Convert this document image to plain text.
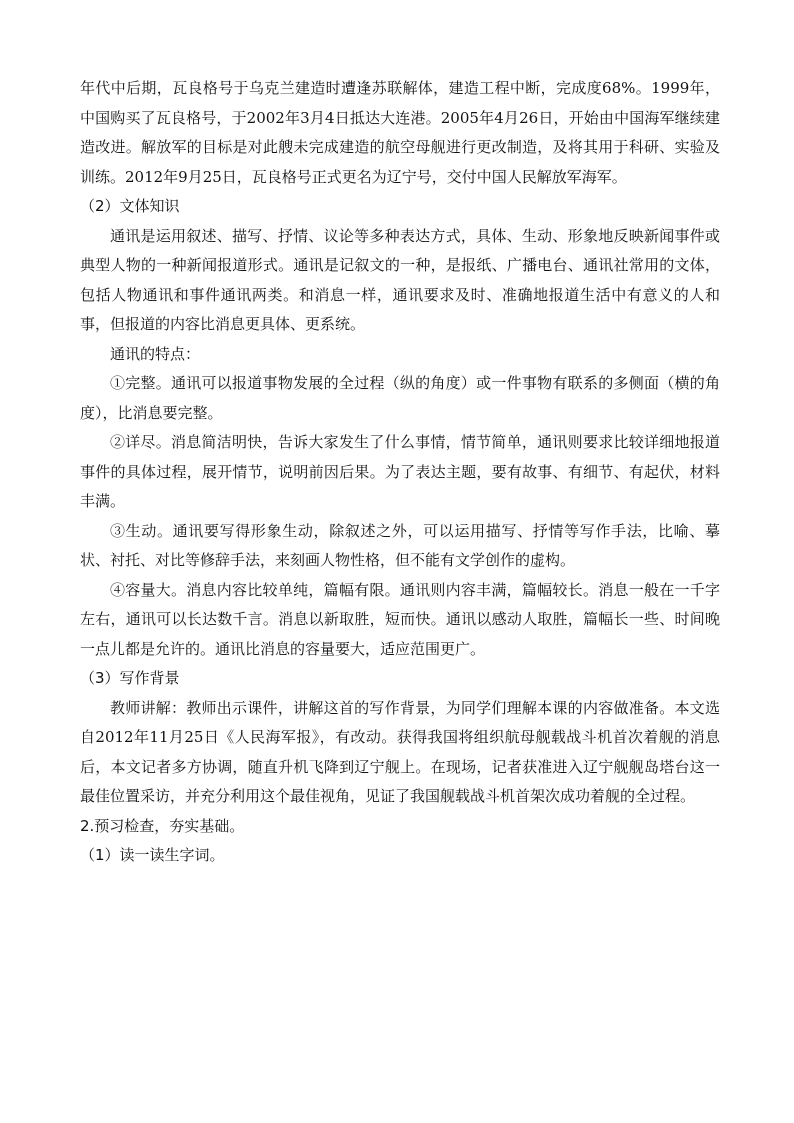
年代中后期，瓦良格号于乌克兰建造时遭逢苏联解体，建造工程中断，完成度68%。1999年，中国购买了瓦良格号，于2002年3月4日抵达大连港。2005年4月26日，开始由中国海军继续建造改进。解放军的目标是对此艘未完成建造的航空母舰进行更改制造，及将其用于科研、实验及训练。2012年9月25日，瓦良格号正式更名为辽宁号，交付中国人民解放军海军。

（2）文体知识

通讯是运用叙述、描写、抒情、议论等多种表达方式，具体、生动、形象地反映新闻事件或典型人物的一种新闻报道形式。通讯是记叙文的一种，是报纸、广播电台、通讯社常用的文体，包括人物通讯和事件通讯两类。和消息一样，通讯要求及时、准确地报道生活中有意义的人和事，但报道的内容比消息更具体、更系统。

通讯的特点：

①完整。通讯可以报道事物发展的全过程（纵的角度）或一件事物有联系的多侧面（横的角度），比消息要完整。

②详尽。消息简洁明快，告诉大家发生了什么事情，情节简单，通讯则要求比较详细地报道事件的具体过程，展开情节，说明前因后果。为了表达主题，要有故事、有细节、有起伏，材料丰满。

③生动。通讯要写得形象生动，除叙述之外，可以运用描写、抒情等写作手法，比喻、摹状、衬托、对比等修辞手法，来刻画人物性格，但不能有文学创作的虚构。

④容量大。消息内容比较单纯，篇幅有限。通讯则内容丰满，篇幅较长。消息一般在一千字左右，通讯可以长达数千言。消息以新取胜，短而快。通讯以感动人取胜，篇幅长一些、时间晚一点儿都是允许的。通讯比消息的容量要大，适应范围更广。

（3）写作背景

教师讲解：教师出示课件，讲解这首的写作背景，为同学们理解本课的内容做准备。本文选自2012年11月25日《人民海军报》，有改动。获得我国将组织航母舰载战斗机首次着舰的消息后，本文记者多方协调，随直升机飞降到辽宁舰上。在现场，记者获准进入辽宁舰舰岛塔台这一最佳位置采访，并充分利用这个最佳视角，见证了我国舰载战斗机首架次成功着舰的全过程。

2.预习检查，夯实基础。

（1）读一读生字词。
